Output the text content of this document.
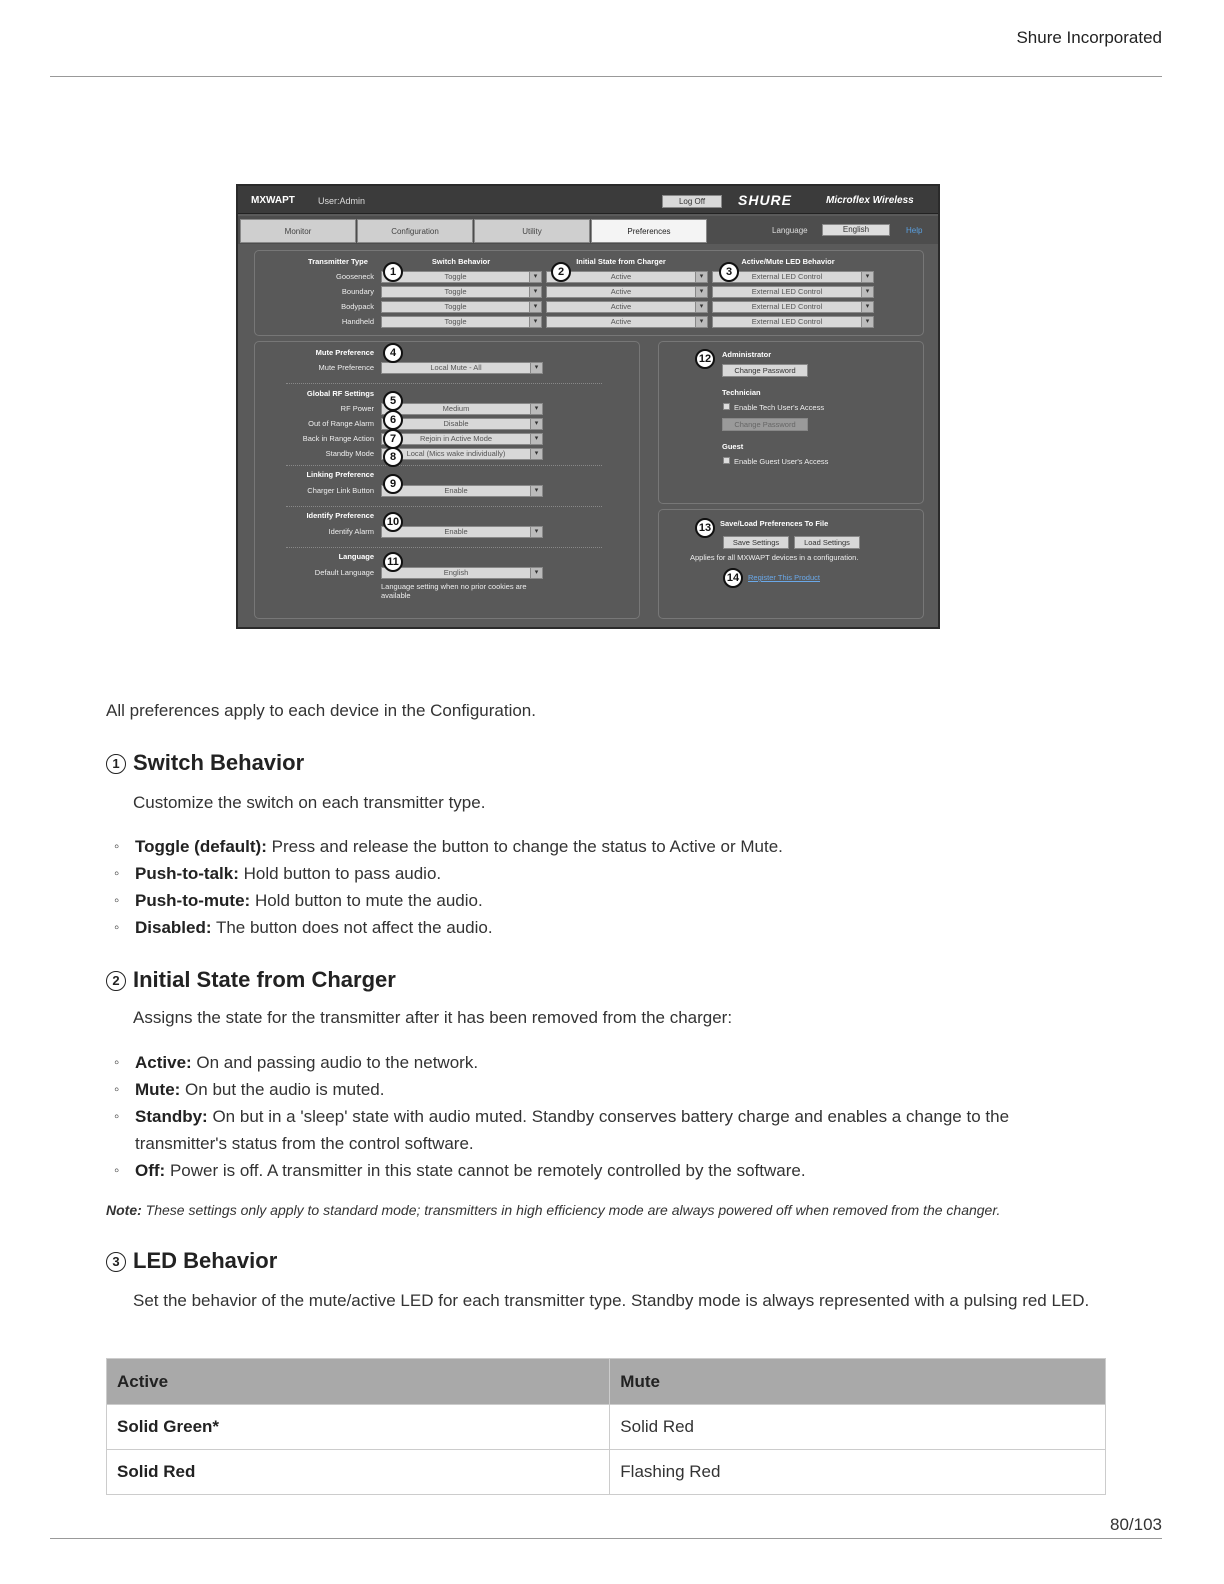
Shure Incorporated
MXWAPT	User:Admin	Log Off	SHURE	Microflex Wireless
Monitor	Configuration	Utility	Preferences	Language	English	Help
Transmitter Type	Switch Behavior	Initial State from Charger	Active/Mute LED Behavior
Gooseneck	Toggle ▾	Active ▾	External LED Control ▾
Boundary	Toggle ▾	Active ▾	External LED Control ▾
Bodypack	Toggle ▾	Active ▾	External LED Control ▾
Handheld	Toggle ▾	Active ▾	External LED Control ▾
Mute Preference
Mute Preference	Local Mute - All ▾
Global RF Settings
RF Power	Medium ▾
Out of Range Alarm	Disable ▾
Back in Range Action	Rejoin in Active Mode ▾
Standby Mode	Local (Mics wake individually) ▾
Linking Preference
Charger Link Button	Enable ▾
Identify Preference
Identify Alarm	Enable ▾
Language
Default Language	English ▾
Language setting when no prior cookies are available
Administrator
Change Password
Technician
Enable Tech User's Access
Change Password
Guest
Enable Guest User's Access
Save/Load Preferences To File
Save Settings	Load Settings
Applies for all MXWAPT devices in a configuration.
Register This Product
1	2	3
4
5
6
7
8
9
10
11
12
13
14
All preferences apply to each device in the Configuration.
1 Switch Behavior
Customize the switch on each transmitter type.
◦ Toggle (default): Press and release the button to change the status to Active or Mute.
◦ Push-to-talk: Hold button to pass audio.
◦ Push-to-mute: Hold button to mute the audio.
◦ Disabled: The button does not affect the audio.
2 Initial State from Charger
Assigns the state for the transmitter after it has been removed from the charger:
◦ Active: On and passing audio to the network.
◦ Mute: On but the audio is muted.
◦ Standby: On but in a 'sleep' state with audio muted. Standby conserves battery charge and enables a change to the transmitter's status from the control software.
◦ Off: Power is off. A transmitter in this state cannot be remotely controlled by the software.
Note: These settings only apply to standard mode; transmitters in high efficiency mode are always powered off when removed from the changer.
3 LED Behavior
Set the behavior of the mute/active LED for each transmitter type. Standby mode is always represented with a pulsing red LED.
Active	Mute
Solid Green*	Solid Red
Solid Red	Flashing Red
80/103
